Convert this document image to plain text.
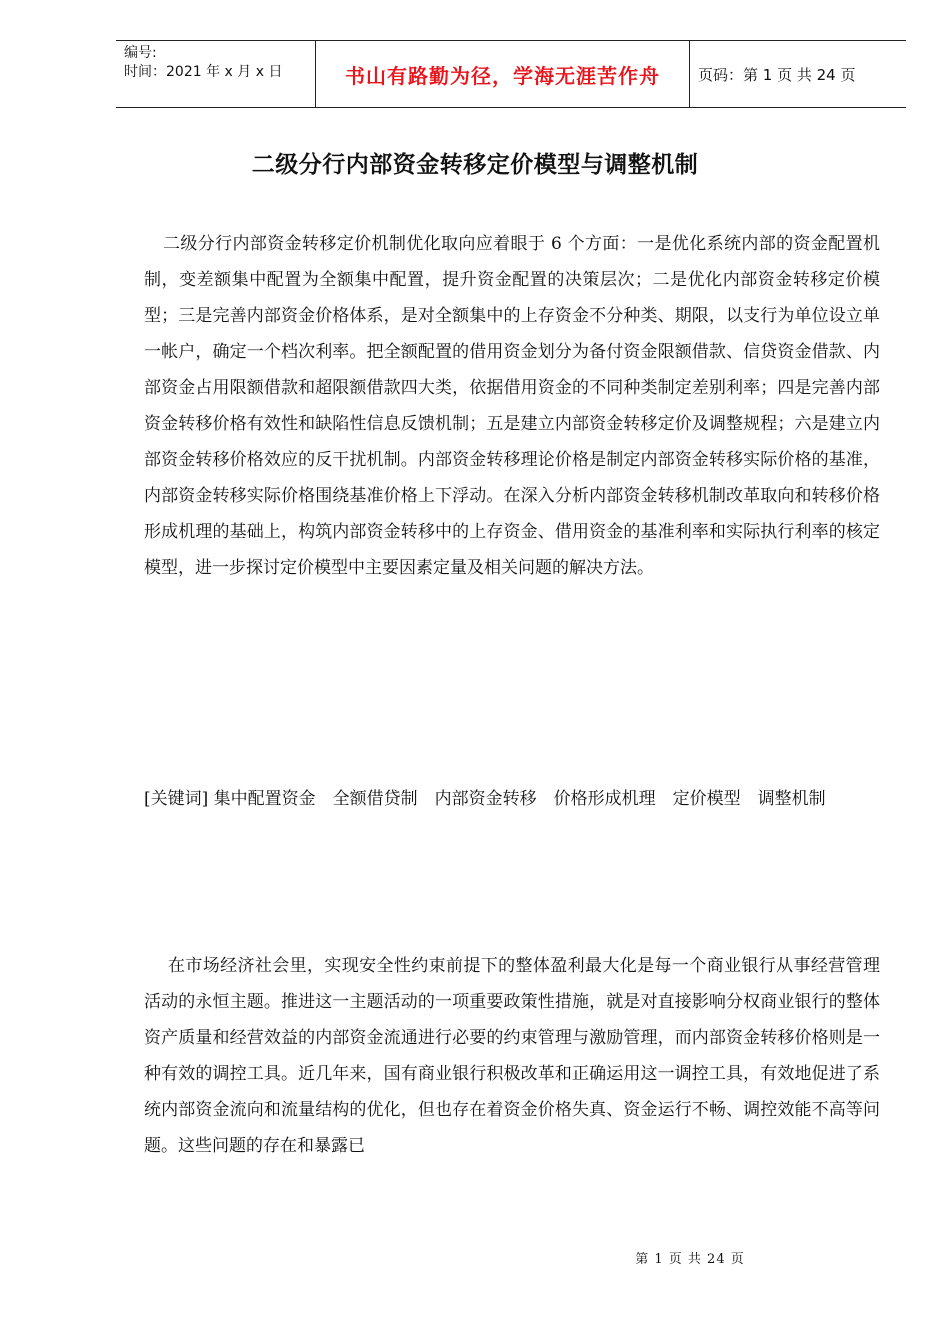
编号:
时间：2021 年 x 月 x 日	书山有路勤为径，学海无涯苦作舟	页码：第 1 页 共 24 页
二级分行内部资金转移定价模型与调整机制

二级分行内部资金转移定价机制优化取向应着眼于 6 个方面：一是优化系统内部的资金配置机制，变差额集中配置为全额集中配置，提升资金配置的决策层次；二是优化内部资金转移定价模型；三是完善内部资金价格体系，是对全额集中的上存资金不分种类、期限，以支行为单位设立单一帐户，确定一个档次利率。把全额配置的借用资金划分为备付资金限额借款、信贷资金借款、内部资金占用限额借款和超限额借款四大类，依据借用资金的不同种类制定差别利率；四是完善内部资金转移价格有效性和缺陷性信息反馈机制；五是建立内部资金转移定价及调整规程；六是建立内部资金转移价格效应的反干扰机制。内部资金转移理论价格是制定内部资金转移实际价格的基准，内部资金转移实际价格围绕基准价格上下浮动。在深入分析内部资金转移机制改革取向和转移价格形成机理的基础上，构筑内部资金转移中的上存资金、借用资金的基准利率和实际执行利率的核定模型，进一步探讨定价模型中主要因素定量及相关问题的解决方法。

[关键词] 集中配置资金　全额借贷制　内部资金转移　价格形成机理　定价模型　调整机制

在市场经济社会里，实现安全性约束前提下的整体盈利最大化是每一个商业银行从事经营管理活动的永恒主题。推进这一主题活动的一项重要政策性措施，就是对直接影响分权商业银行的整体资产质量和经营效益的内部资金流通进行必要的约束管理与激励管理，而内部资金转移价格则是一种有效的调控工具。近几年来，国有商业银行积极改革和正确运用这一调控工具，有效地促进了系统内部资金流向和流量结构的优化，但也存在着资金价格失真、资金运行不畅、调控效能不高等问题。这些问题的存在和暴露已

第 1 页 共 24 页
